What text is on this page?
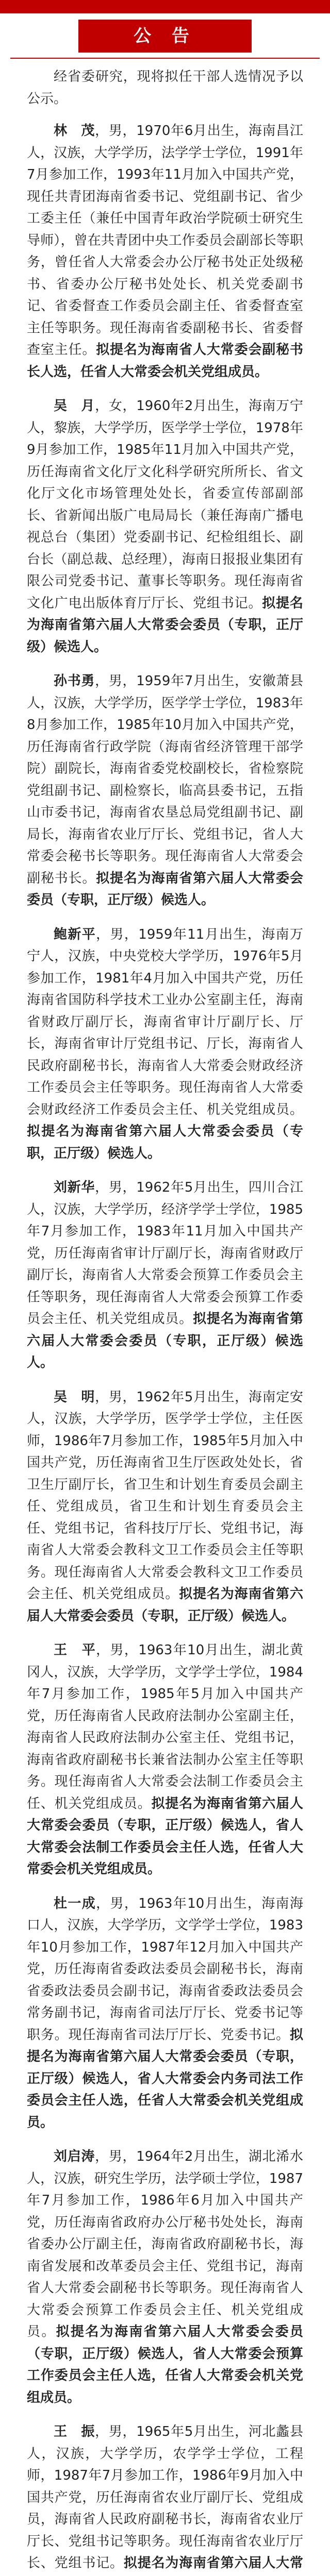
公 告

经省委研究，现将拟任干部人选情况予以公示。

林　茂，男，1970年6月出生，海南昌江人，汉族，大学学历，法学学士学位，1991年7月参加工作，1993年11月加入中国共产党，现任共青团海南省委书记、党组副书记、省少工委主任（兼任中国青年政治学院硕士研究生导师），曾在共青团中央工作委员会副部长等职务，曾任省人大常委会办公厅秘书处正处级秘书、省委办公厅秘书处处长、机关党委副书记、省委督查工作委员会副主任、省委督查室主任等职务。现任海南省委副秘书长、省委督查室主任。拟提名为海南省人大常委会副秘书长人选，任省人大常委会机关党组成员。

吴　月，女，1960年2月出生，海南万宁人，黎族，大学学历，医学学士学位，1978年9月参加工作，1985年11月加入中国共产党，历任海南省文化厅文化科学研究所所长、省文化厅文化市场管理处处长，省委宣传部副部长、省新闻出版广电局局长（兼任海南广播电视总台（集团）党委副书记、纪检组组长、副台长（副总裁、总经理），海南日报报业集团有限公司党委书记、董事长等职务。现任海南省文化广电出版体育厅厅长、党组书记。拟提名为海南省第六届人大常委会委员（专职，正厅级）候选人。

孙书勇，男，1959年7月出生，安徽萧县人，汉族，大学学历，医学学士学位，1983年8月参加工作，1985年10月加入中国共产党，历任海南省行政学院（海南省经济管理干部学院）副院长，海南省委党校副校长，省检察院党组副书记、副检察长，临高县委书记，五指山市委书记，海南省农垦总局党组副书记、副局长，海南省农业厅厅长、党组书记，省人大常委会秘书长等职务。现任海南省人大常委会副秘书长。拟提名为海南省第六届人大常委会委员（专职，正厅级）候选人。

鲍新平，男，1959年11月出生，海南万宁人，汉族，中央党校大学学历，1976年5月参加工作，1981年4月加入中国共产党，历任海南省国防科学技术工业办公室副主任，海南省财政厅副厅长，海南省审计厅副厅长、厅长，海南省审计厅党组书记、厅长，海南省人民政府副秘书长，海南省人大常委会财政经济工作委员会主任等职务。现任海南省人大常委会财政经济工作委员会主任、机关党组成员。拟提名为海南省第六届人大常委会委员（专职，正厅级）候选人。

刘新华，男，1962年5月出生，四川合江人，汉族，大学学历，经济学学士学位，1985年7月参加工作，1983年11月加入中国共产党，历任海南省审计厅副厅长，海南省财政厅副厅长，海南省人大常委会预算工作委员会主任等职务，现任海南省人大常委会预算工作委员会主任、机关党组成员。拟提名为海南省第六届人大常委会委员（专职，正厅级）候选人。

吴　明，男，1962年5月出生，海南定安人，汉族，大学学历，医学学士学位，主任医师，1986年7月参加工作，1985年5月加入中国共产党，历任海南省卫生厅医政处处长，省卫生厅副厅长，省卫生和计划生育委员会副主任、党组成员，省卫生和计划生育委员会主任、党组书记，省科技厅厅长、党组书记，海南省人大常委会教科文卫工作委员会主任等职务。现任海南省人大常委会教科文卫工作委员会主任、机关党组成员。拟提名为海南省第六届人大常委会委员（专职，正厅级）候选人。

王　平，男，1963年10月出生，湖北黄冈人，汉族，大学学历，文学学士学位，1984年7月参加工作，1985年5月加入中国共产党，历任海南省人民政府法制办公室副主任，海南省人民政府法制办公室主任、党组书记，海南省政府副秘书长兼省法制办公室主任等职务。现任海南省人大常委会法制工作委员会主任、机关党组成员。拟提名为海南省第六届人大常委会委员（专职，正厅级）候选人，省人大常委会法制工作委员会主任人选，任省人大常委会机关党组成员。

杜一成，男，1963年10月出生，海南海口人，汉族，大学学历，文学学士学位，1983年10月参加工作，1987年12月加入中国共产党，历任海南省委政法委员会副秘书长，海南省委政法委员会副书记，海南省委政法委员会常务副书记，海南省司法厅厅长、党委书记等职务。现任海南省司法厅厅长、党委书记。拟提名为海南省第六届人大常委会委员（专职，正厅级）候选人，省人大常委会内务司法工作委员会主任人选，任省人大常委会机关党组成员。

刘启涛，男，1964年2月出生，湖北浠水人，汉族，研究生学历，法学硕士学位，1987年7月参加工作，1986年6月加入中国共产党，历任海南省政府办公厅秘书处处长，海南省委办公厅副主任，海南省政府副秘书长，海南省发展和改革委员会主任、党组书记，海南省人大常委会副秘书长等职务。现任海南省人大常委会预算工作委员会主任、机关党组成员。拟提名为海南省第六届人大常委会委员（专职，正厅级）候选人，省人大常委会预算工作委员会主任人选，任省人大常委会机关党组成员。

王　振，男，1965年5月出生，河北蠡县人，汉族，大学学历，农学学士学位，工程师，1987年7月参加工作，1986年9月加入中国共产党，历任海南省农业厅副厅长、党组成员，海南省人民政府副秘书长，海南省农业厅厅长、党组书记等职务。现任海南省农业厅厅长、党组书记。拟提名为海南省第六届人大常
